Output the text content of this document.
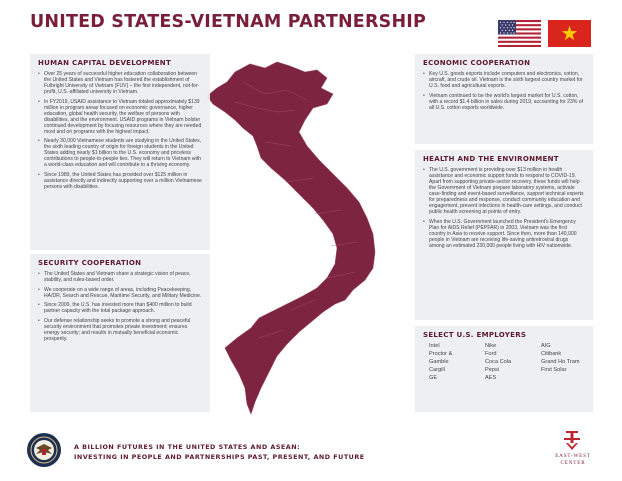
UNITED STATES-VIETNAM PARTNERSHIP
HUMAN CAPITAL DEVELOPMENT
• Over 25 years of successful higher education collaboration between the United States and Vietnam has fostered the establishment of Fulbright University of Vietnam (FUV) – the first independent, not-for-profit, U.S.-affiliated university in Vietnam.
• In FY2019, USAID assistance to Vietnam totaled approximately $139 million in program areas focused on economic governance, higher education, global health security, the welfare of persons with disabilities, and the environment. USAID programs in Vietnam bolster continued development by focusing resources where they are needed most and on programs with the highest impact.
• Nearly 30,000 Vietnamese students are studying in the United States, the sixth leading country of origin for foreign students in the United States adding nearly $1 billion to the U.S. economy and priceless contributions to people-to-people ties. They will return to Vietnam with a world-class education and will contribute to a thriving economy.
• Since 1989, the United States has provided over $125 million in assistance directly and indirectly supporting over a million Vietnamese persons with disabilities.
SECURITY COOPERATION
• The United States and Vietnam share a strategic vision of peace, stability, and rules-based order.
• We cooperate on a wide range of areas, including Peacekeeping, HA/DR, Search and Rescue, Maritime Security, and Military Medicine.
• Since 2009, the U.S. has invested more than $400 million to build partner capacity with the total package approach.
• Our defense relationship seeks to promote a strong and peaceful security environment that promotes private investment; ensures energy security; and results in mutually beneficial economic prosperity.
ECONOMIC COOPERATION
• Key U.S. goods exports include computers and electronics, cotton, aircraft, and crude oil. Vietnam is the sixth largest country market for U.S. food and agricultural exports.
• Vietnam continued to be the world's largest market for U.S. cotton, with a record $1.4 billion in sales during 2019, accounting for 23% of all U.S. cotton exports worldwide.
HEALTH AND THE ENVIRONMENT
• The U.S. government is providing over $13 million in health assistance and economic support funds to respond to COVID-19. Apart from supporting private-sector recovery, these funds will help the Government of Vietnam prepare laboratory systems, activate case-finding and event-based surveillance, support technical experts for preparedness and response, conduct community education and engagement, prevent infections in health-care settings, and conduct public health screening at points of entry.
• When the U.S. Government launched the President's Emergency Plan for AIDS Relief (PEPFAR) in 2003, Vietnam was the first country in Asia to receive support. Since then, more than 140,000 people in Vietnam are receiving life-saving antiretroviral drugs among an estimated 230,000 people living with HIV nationwide.
SELECT U.S. EMPLOYERS
Intel	Nike	AIG
Proctor &	Ford	Citibank
Gamble	Coca Cola	Grand Ho Tram
Cargill	Pepsi	First Solar
GE	AES
A BILLION FUTURES IN THE UNITED STATES AND ASEAN:
INVESTING IN PEOPLE AND PARTNERSHIPS PAST, PRESENT, AND FUTURE	EAST-WEST
CENTER
